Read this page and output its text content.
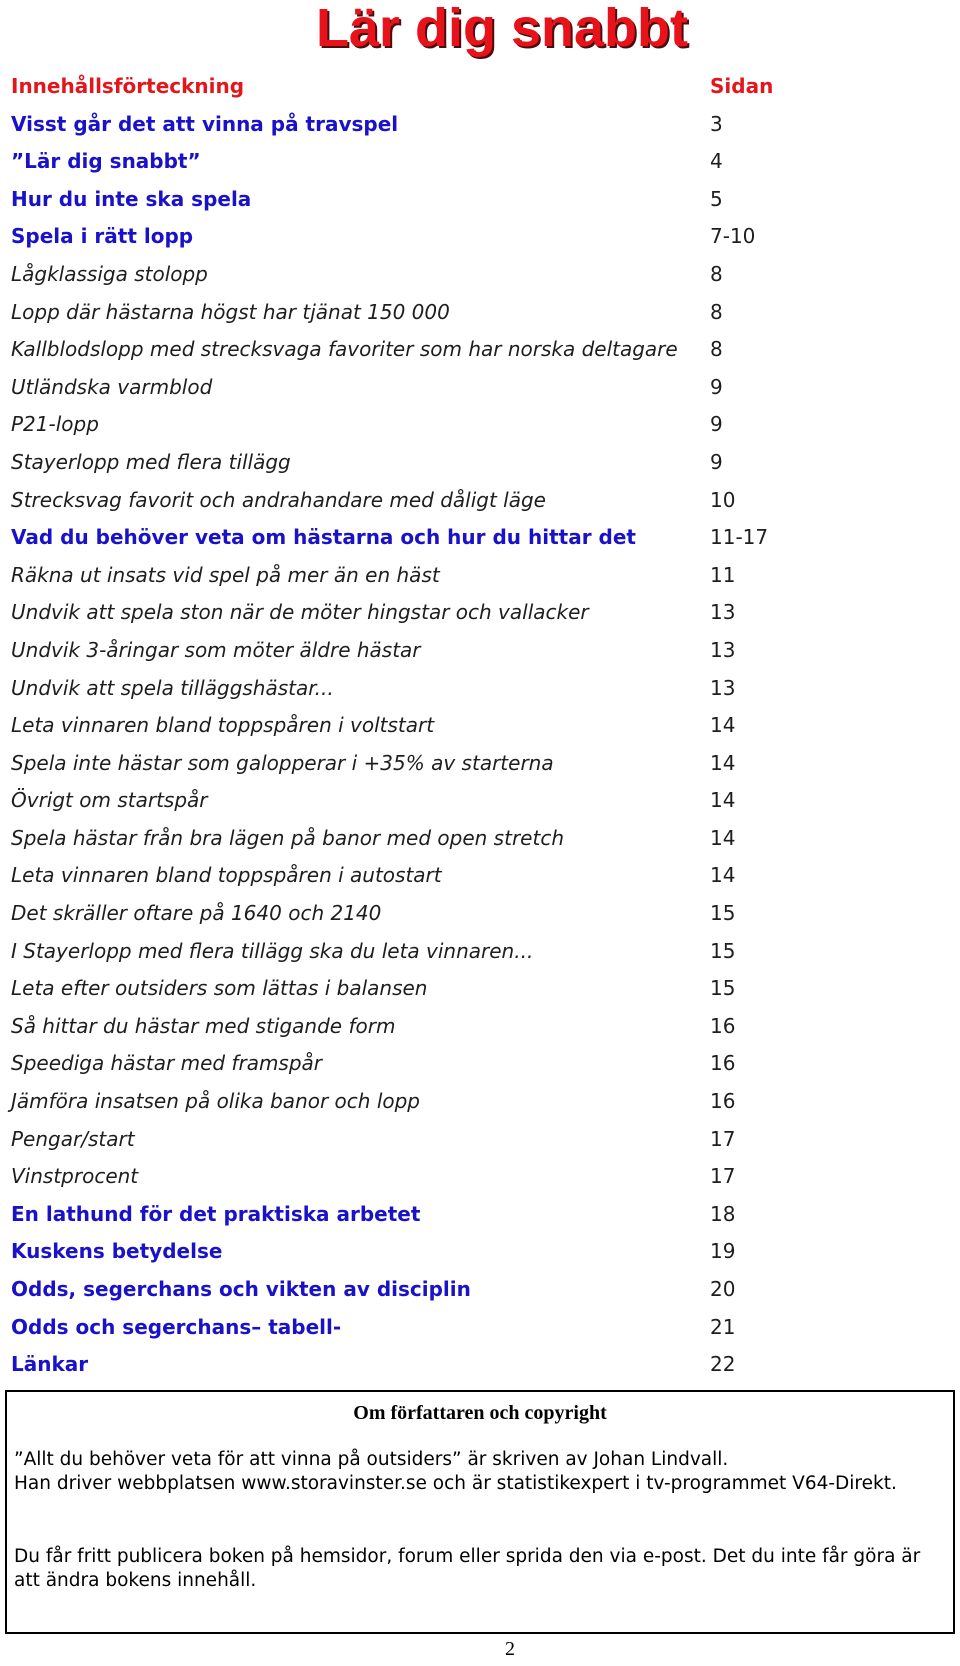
Lär dig snabbt
Innehållsförteckning	Sidan
Visst går det att vinna på travspel	3
”Lär dig snabbt”	4
Hur du inte ska spela	5
Spela i rätt lopp	7-10
Lågklassiga stolopp	8
Lopp där hästarna högst har tjänat 150 000	8
Kallblodslopp med strecksvaga favoriter som har norska deltagare 8
Utländska varmblod	9
P21-lopp	9
Stayerlopp med flera tillägg	9
Strecksvag favorit och andrahandare med dåligt läge	10
Vad du behöver veta om hästarna och hur du hittar det	11-17
Räkna ut insats vid spel på mer än en häst	11
Undvik att spela ston när de möter hingstar och vallacker	13
Undvik 3-åringar som möter äldre hästar	13
Undvik att spela tilläggshästar...	13
Leta vinnaren bland toppspåren i voltstart	14
Spela inte hästar som galopperar i +35% av starterna	14
Övrigt om startspår	14
Spela hästar från bra lägen på banor med open stretch	14
Leta vinnaren bland toppspåren i autostart	14
Det skräller oftare på 1640 och 2140	15
I Stayerlopp med flera tillägg ska du leta vinnaren...	15
Leta efter outsiders som lättas i balansen	15
Så hittar du hästar med stigande form	16
Speediga hästar med framspår	16
Jämföra insatsen på olika banor och lopp	16
Pengar/start	17
Vinstprocent	17
En lathund för det praktiska arbetet	18
Kuskens betydelse	19
Odds, segerchans och vikten av disciplin	20
Odds och segerchans– tabell-	21
Länkar	22
Om författaren och copyright
”Allt du behöver veta för att vinna på outsiders” är skriven av Johan Lindvall.
Han driver webbplatsen www.storavinster.se och är statistikexpert i tv-programmet V64-Direkt.
Du får fritt publicera boken på hemsidor, forum eller sprida den via e-post. Det du inte får göra är att ändra bokens innehåll.
2
